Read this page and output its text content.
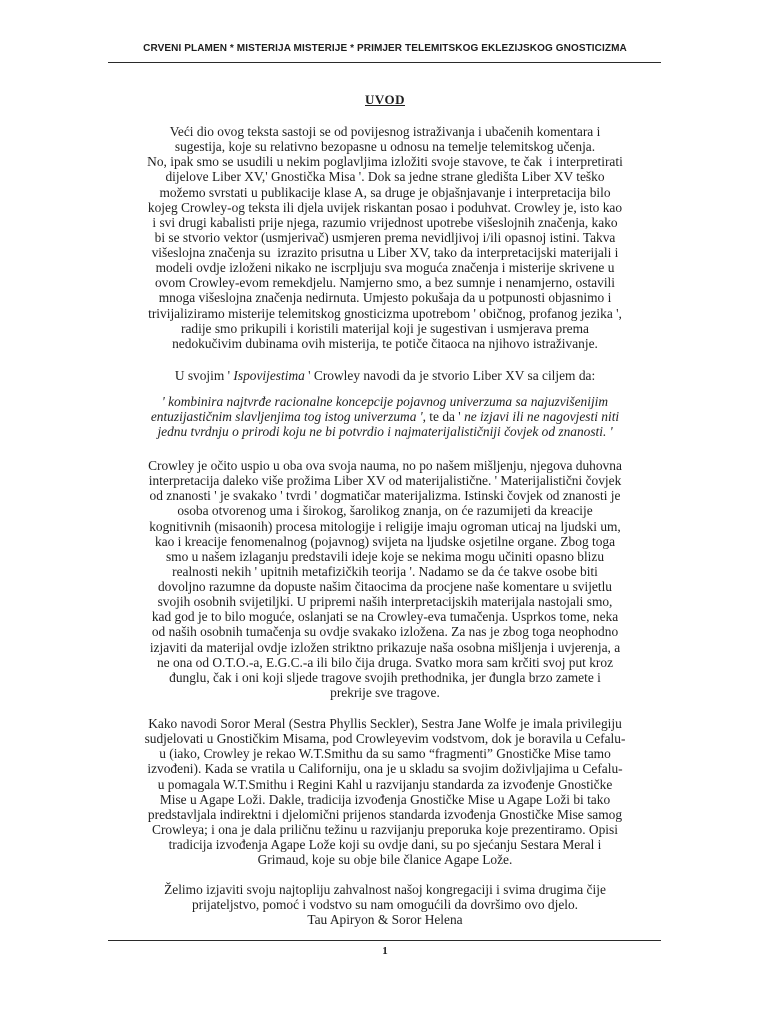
CRVENI PLAMEN * MISTERIJA MISTERIJE * PRIMJER TELEMITSKOG EKLEZIJSKOG GNOSTICIZMA
UVOD
Veći dio ovog teksta sastoji se od povijesnog istraživanja i ubačenih komentara i
sugestija, koje su relativno bezopasne u odnosu na temelje telemitskog učenja.
No, ipak smo se usudili u nekim poglavljima izložiti svoje stavove, te čak  i interpretirati
dijelove Liber XV,' Gnostička Misa '. Dok sa jedne strane gledišta Liber XV teško
možemo svrstati u publikacije klase A, sa druge je objašnjavanje i interpretacija bilo
kojeg Crowley-og teksta ili djela uvijek riskantan posao i poduhvat. Crowley je, isto kao
i svi drugi kabalisti prije njega, razumio vrijednost upotrebe višeslojnih značenja, kako
bi se stvorio vektor (usmjerivač) usmjeren prema nevidljivoj i/ili opasnoj istini. Takva
višeslojna značenja su  izrazito prisutna u Liber XV, tako da interpretacijski materijali i
modeli ovdje izloženi nikako ne iscrpljuju sva moguća značenja i misterije skrivene u
ovom Crowley-evom remekdjelu. Namjerno smo, a bez sumnje i nenamjerno, ostavili
mnoga višeslojna značenja nedirnuta. Umjesto pokušaja da u potpunosti objasnimo i
trivijaliziramo misterije telemitskog gnosticizma upotrebom ' običnog, profanog jezika ',
radije smo prikupili i koristili materijal koji je sugestivan i usmjerava prema
nedokučivim dubinama ovih misterija, te potiče čitaoca na njihovo istraživanje.
U svojim ' Ispovijestima ' Crowley navodi da je stvorio Liber XV sa ciljem da:
' kombinira najtvrđe racionalne koncepcije pojavnog univerzuma sa najuzvišenijim
entuzijastičnim slavljenjima tog istog univerzuma ', te da ' ne izjavi ili ne nagovjesti niti
jednu tvrdnju o prirodi koju ne bi potvrdio i najmaterijalističniji čovjek od znanosti. '
Crowley je očito uspio u oba ova svoja nauma, no po našem mišljenju, njegova duhovna
interpretacija daleko više prožima Liber XV od materijalistične. ' Materijalistični čovjek
od znanosti ' je svakako ' tvrdi ' dogmatičar materijalizma. Istinski čovjek od znanosti je
osoba otvorenog uma i širokog, šarolikog znanja, on će razumijeti da kreacije
kognitivnih (misaonih) procesa mitologije i religije imaju ogroman uticaj na ljudski um,
kao i kreacije fenomenalnog (pojavnog) svijeta na ljudske osjetilne organe. Zbog toga
smo u našem izlaganju predstavili ideje koje se nekima mogu učiniti opasno blizu
realnosti nekih ' upitnih metafizičkih teorija '. Nadamo se da će takve osobe biti
dovoljno razumne da dopuste našim čitaocima da procjene naše komentare u svijetlu
svojih osobnih svijetiljki. U pripremi naših interpretacijskih materijala nastojali smo,
kad god je to bilo moguće, oslanjati se na Crowley-eva tumačenja. Usprkos tome, neka
od naših osobnih tumačenja su ovdje svakako izložena. Za nas je zbog toga neophodno
izjaviti da materijal ovdje izložen striktno prikazuje naša osobna mišljenja i uvjerenja, a
ne ona od O.T.O.-a, E.G.C.-a ili bilo čija druga. Svatko mora sam krčiti svoj put kroz
đunglu, čak i oni koji sljede tragove svojih prethodnika, jer đungla brzo zamete i
prekrije sve tragove.
Kako navodi Soror Meral (Sestra Phyllis Seckler), Sestra Jane Wolfe je imala privilegiju
sudjelovati u Gnostičkim Misama, pod Crowleyevim vodstvom, dok je boravila u Cefalu-
u (iako, Crowley je rekao W.T.Smithu da su samo “fragmenti” Gnostičke Mise tamo
izvođeni). Kada se vratila u Californiju, ona je u skladu sa svojim doživljajima u Cefalu-
u pomagala W.T.Smithu i Regini Kahl u razvijanju standarda za izvođenje Gnostičke
Mise u Agape Loži. Dakle, tradicija izvođenja Gnostičke Mise u Agape Loži bi tako
predstavljala indirektni i djelomični prijenos standarda izvođenja Gnostičke Mise samog
Crowleya; i ona je dala priličnu težinu u razvijanju preporuka koje prezentiramo. Opisi
tradicija izvođenja Agape Lože koji su ovdje dani, su po sjećanju Sestara Meral i
Grimaud, koje su obje bile članice Agape Lože.
Želimo izjaviti svoju najtopliju zahvalnost našoj kongregaciji i svima drugima čije
prijateljstvo, pomoć i vodstvo su nam omogućili da dovršimo ovo djelo.
Tau Apiryon & Soror Helena
1
